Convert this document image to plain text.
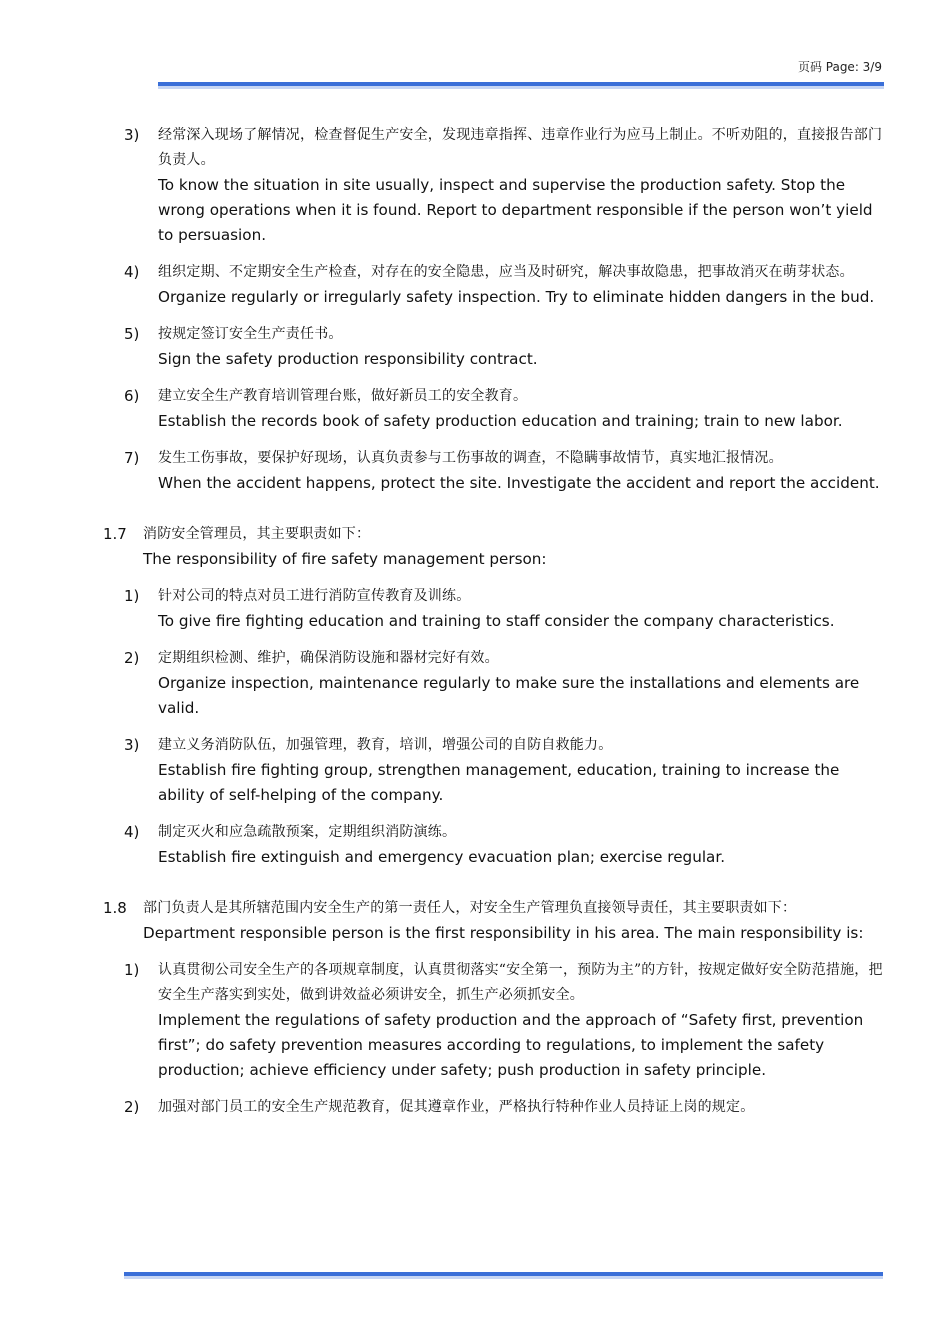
页码 Page: 3/9
3) 经常深入现场了解情况，检查督促生产安全，发现违章指挥、违章作业行为应马上制止。不听劝阻的，直接报告部门负责人。
To know the situation in site usually, inspect and supervise the production safety. Stop the wrong operations when it is found. Report to department responsible if the person won’t yield to persuasion.
4) 组织定期、不定期安全生产检查，对存在的安全隐患，应当及时研究，解决事故隐患，把事故消灭在萌芽状态。
Organize regularly or irregularly safety inspection. Try to eliminate hidden dangers in the bud.
5) 按规定签订安全生产责任书。
Sign the safety production responsibility contract.
6) 建立安全生产教育培训管理台账，做好新员工的安全教育。
Establish the records book of safety production education and training; train to new labor.
7) 发生工伤事故，要保护好现场，认真负责参与工伤事故的调查，不隐瞒事故情节，真实地汇报情况。
When the accident happens, protect the site. Investigate the accident and report the accident.
1.7 消防安全管理员，其主要职责如下：
The responsibility of fire safety management person:
1) 针对公司的特点对员工进行消防宣传教育及训练。
To give fire fighting education and training to staff consider the company characteristics.
2) 定期组织检测、维护，确保消防设施和器材完好有效。
Organize inspection, maintenance regularly to make sure the installations and elements are valid.
3) 建立义务消防队伍，加强管理，教育，培训，增强公司的自防自救能力。
Establish fire fighting group, strengthen management, education, training to increase the ability of self-helping of the company.
4) 制定灭火和应急疏散预案，定期组织消防演练。
Establish fire extinguish and emergency evacuation plan; exercise regular.
1.8 部门负责人是其所辖范围内安全生产的第一责任人，对安全生产管理负直接领导责任，其主要职责如下：
Department responsible person is the first responsibility in his area. The main responsibility is:
1) 认真贯彻公司安全生产的各项规章制度，认真贯彻落实“安全第一，预防为主”的方针，按规定做好安全防范措施，把安全生产落实到实处，做到讲效益必须讲安全，抓生产必须抓安全。
Implement the regulations of safety production and the approach of “Safety first, prevention first”; do safety prevention measures according to regulations, to implement the safety production; achieve efficiency under safety; push production in safety principle.
2) 加强对部门员工的安全生产规范教育，促其遵章作业，严格执行特种作业人员持证上岗的规定。
